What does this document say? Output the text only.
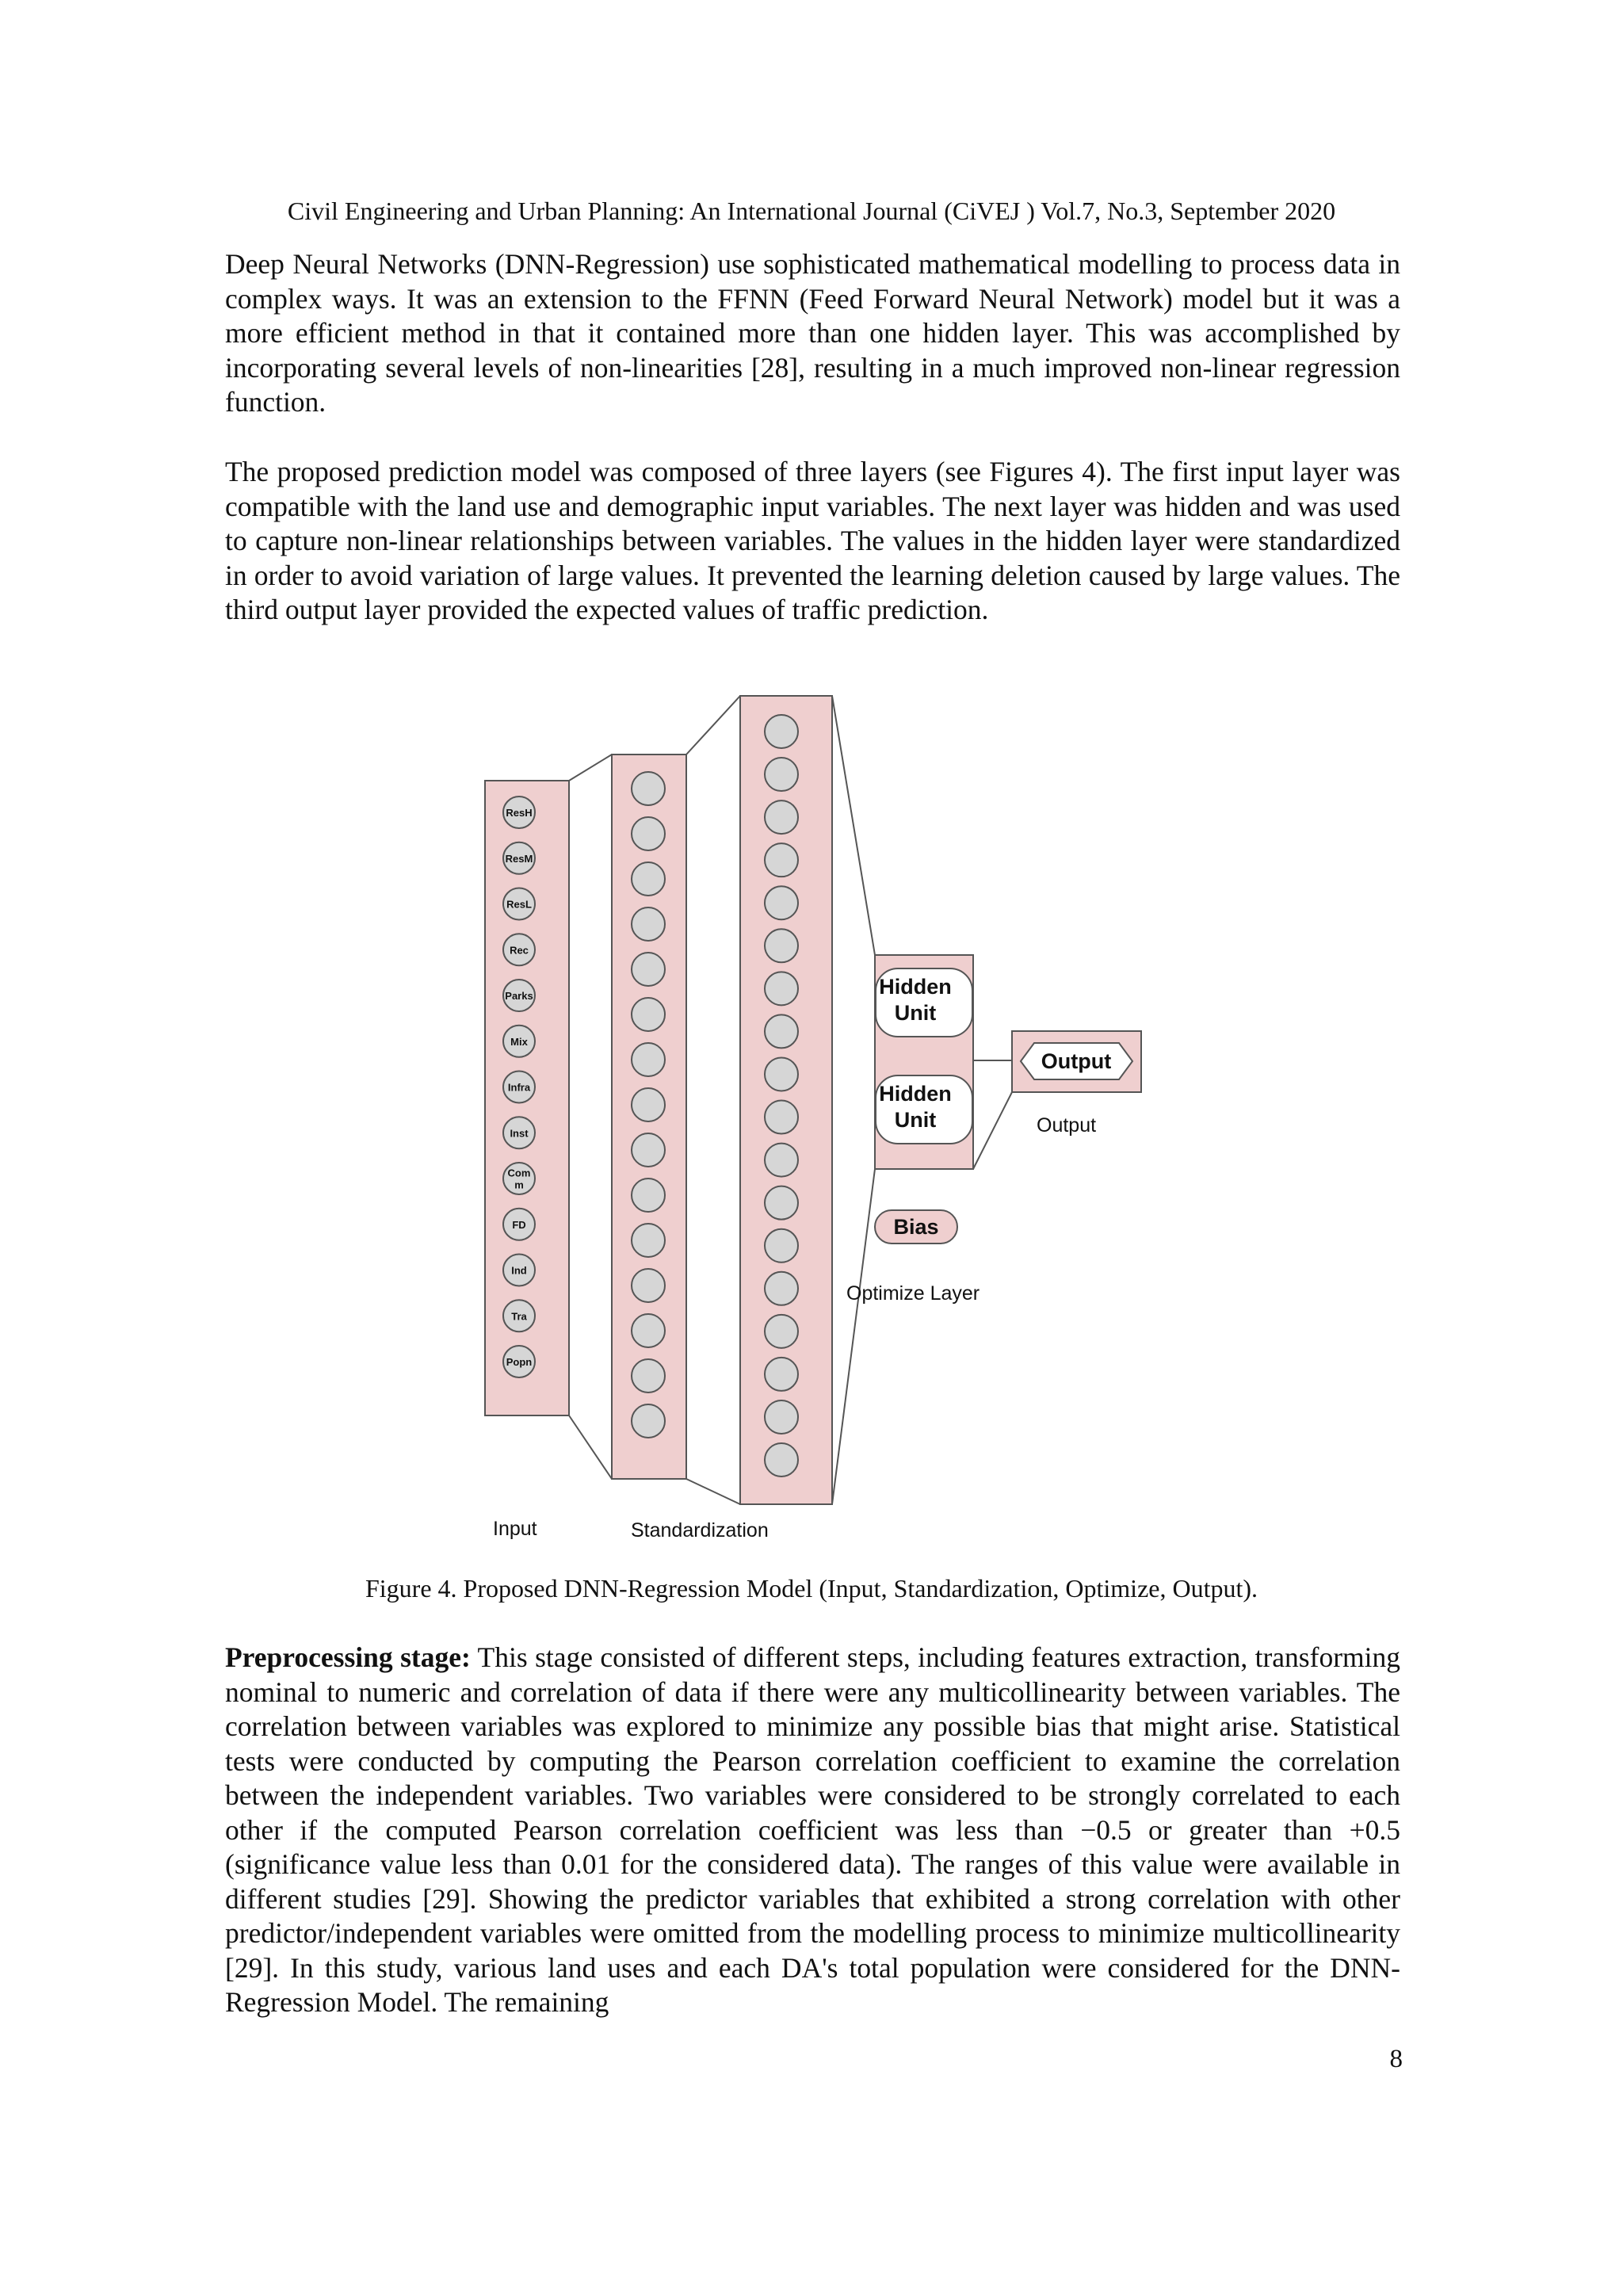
Civil Engineering and Urban Planning: An International Journal (CiVEJ ) Vol.7, No.3, September 2020

Deep Neural Networks (DNN-Regression) use sophisticated mathematical modelling to process data in complex ways. It was an extension to the FFNN (Feed Forward Neural Network) model but it was a more efficient method in that it contained more than one hidden layer. This was accomplished by incorporating several levels of non-linearities [28], resulting in a much improved non-linear regression function.

The proposed prediction model was composed of three layers (see Figures 4). The first input layer was compatible with the land use and demographic input variables. The next layer was hidden and was used to capture non-linear relationships between variables. The values in the hidden layer were standardized in order to avoid variation of large values. It prevented the learning deletion caused by large values. The third output layer provided the expected values of traffic prediction.

ResH
ResM
ResL
Rec
Parks
Mix
Infra
Inst
Com
m
FD
Ind
Tra
Popn
Hidden
Unit
Hidden
Unit
Bias
Output
Input	Standardization
Optimize Layer
Output
Figure 4. Proposed DNN-Regression Model (Input, Standardization, Optimize, Output).

Preprocessing stage: This stage consisted of different steps, including features extraction, transforming nominal to numeric and correlation of data if there were any multicollinearity between variables. The correlation between variables was explored to minimize any possible bias that might arise. Statistical tests were conducted by computing the Pearson correlation coefficient to examine the correlation between the independent variables. Two variables were considered to be strongly correlated to each other if the computed Pearson correlation coefficient was less than −0.5 or greater than +0.5 (significance value less than 0.01 for the considered data). The ranges of this value were available in different studies [29]. Showing the predictor variables that exhibited a strong correlation with other predictor/independent variables were omitted from the modelling process to minimize multicollinearity [29]. In this study, various land uses and each DA's total population were considered for the DNN-Regression Model. The remaining

8
